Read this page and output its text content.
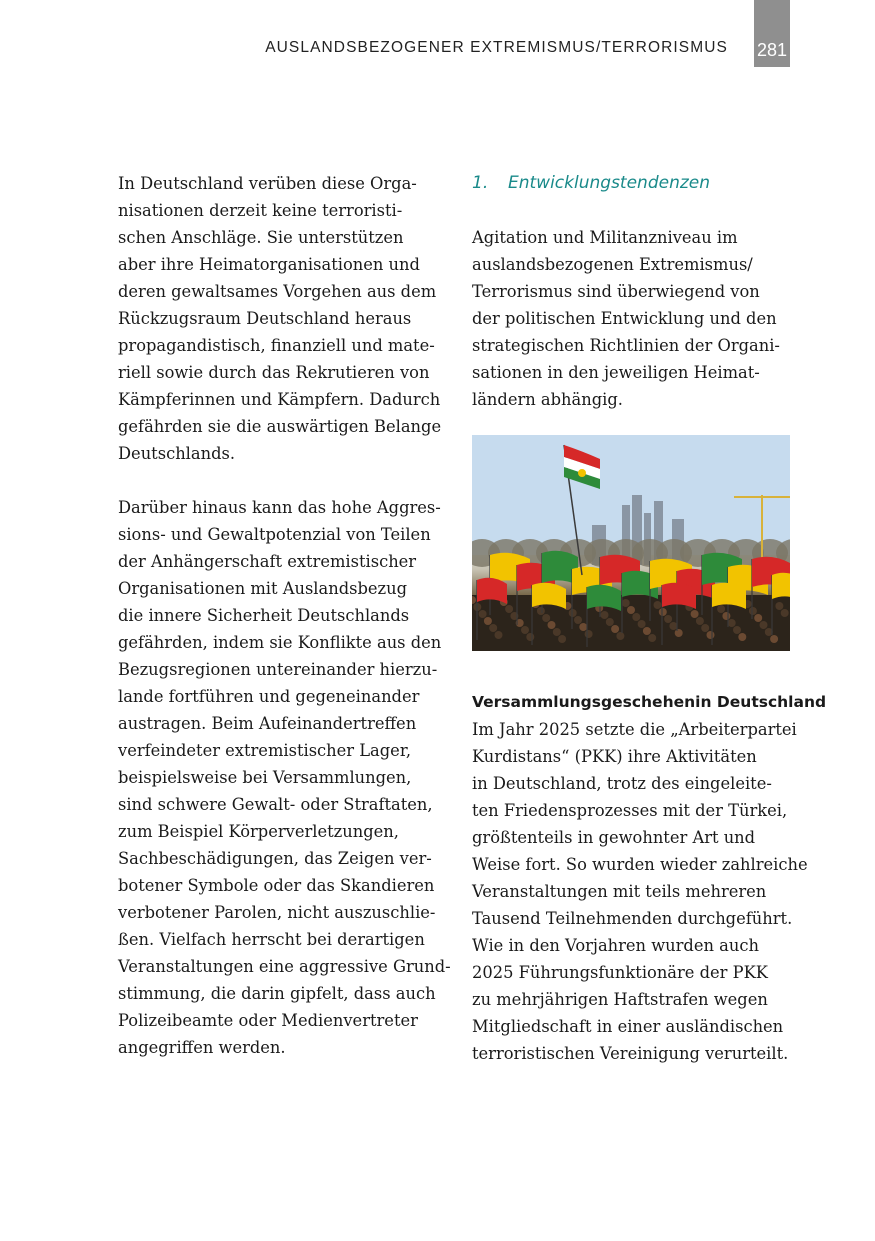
AUSLANDSBEZOGENER EXTREMISMUS/TERRORISMUS 281
In Deutschland verüben diese Orga-
nisationen derzeit keine terroristi-
schen Anschläge. Sie unterstützen
aber ihre Heimatorganisationen und
deren gewaltsames Vorgehen aus dem
Rückzugsraum Deutschland heraus
propagandistisch, finanziell und mate-
riell sowie durch das Rekrutieren von
Kämpferinnen und Kämpfern. Dadurch
gefährden sie die auswärtigen Belange
Deutschlands.
Darüber hinaus kann das hohe Aggres-
sions- und Gewaltpotenzial von Teilen
der Anhängerschaft extremistischer
Organisationen mit Auslandsbezug
die innere Sicherheit Deutschlands
gefährden, indem sie Konflikte aus den
Bezugsregionen untereinander hierzu-
lande fortführen und gegeneinander
austragen. Beim Aufeinandertreffen
verfeindeter extremistischer Lager,
beispielsweise bei Versammlungen,
sind schwere Gewalt- oder Straftaten,
zum Beispiel Körperverletzungen,
Sachbeschädigungen, das Zeigen ver-
botener Symbole oder das Skandieren
verbotener Parolen, nicht auszuschlie-
ßen. Vielfach herrscht bei derartigen
Veranstaltungen eine aggressive Grund-
stimmung, die darin gipfelt, dass auch
Polizeibeamte oder Medienvertreter
angegriffen werden.
1. Entwicklungstendenzen
Agitation und Militanzniveau im
auslandsbezogenen Extremismus/
Terrorismus sind überwiegend von
der politischen Entwicklung und den
strategischen Richtlinien der Organi-
sationen in den jeweiligen Heimat-
ländern abhängig.
Versammlungsgeschehenin Deutschland
Im Jahr 2025 setzte die „Arbeiterpartei
Kurdistans“ (PKK) ihre Aktivitäten
in Deutschland, trotz des eingeleite-
ten Friedensprozesses mit der Türkei,
größtenteils in gewohnter Art und
Weise fort. So wurden wieder zahlreiche
Veranstaltungen mit teils mehreren
Tausend Teilnehmenden durchgeführt.
Wie in den Vorjahren wurden auch
2025 Führungsfunktionäre der PKK
zu mehrjährigen Haftstrafen wegen
Mitgliedschaft in einer ausländischen
terroristischen Vereinigung verurteilt.
